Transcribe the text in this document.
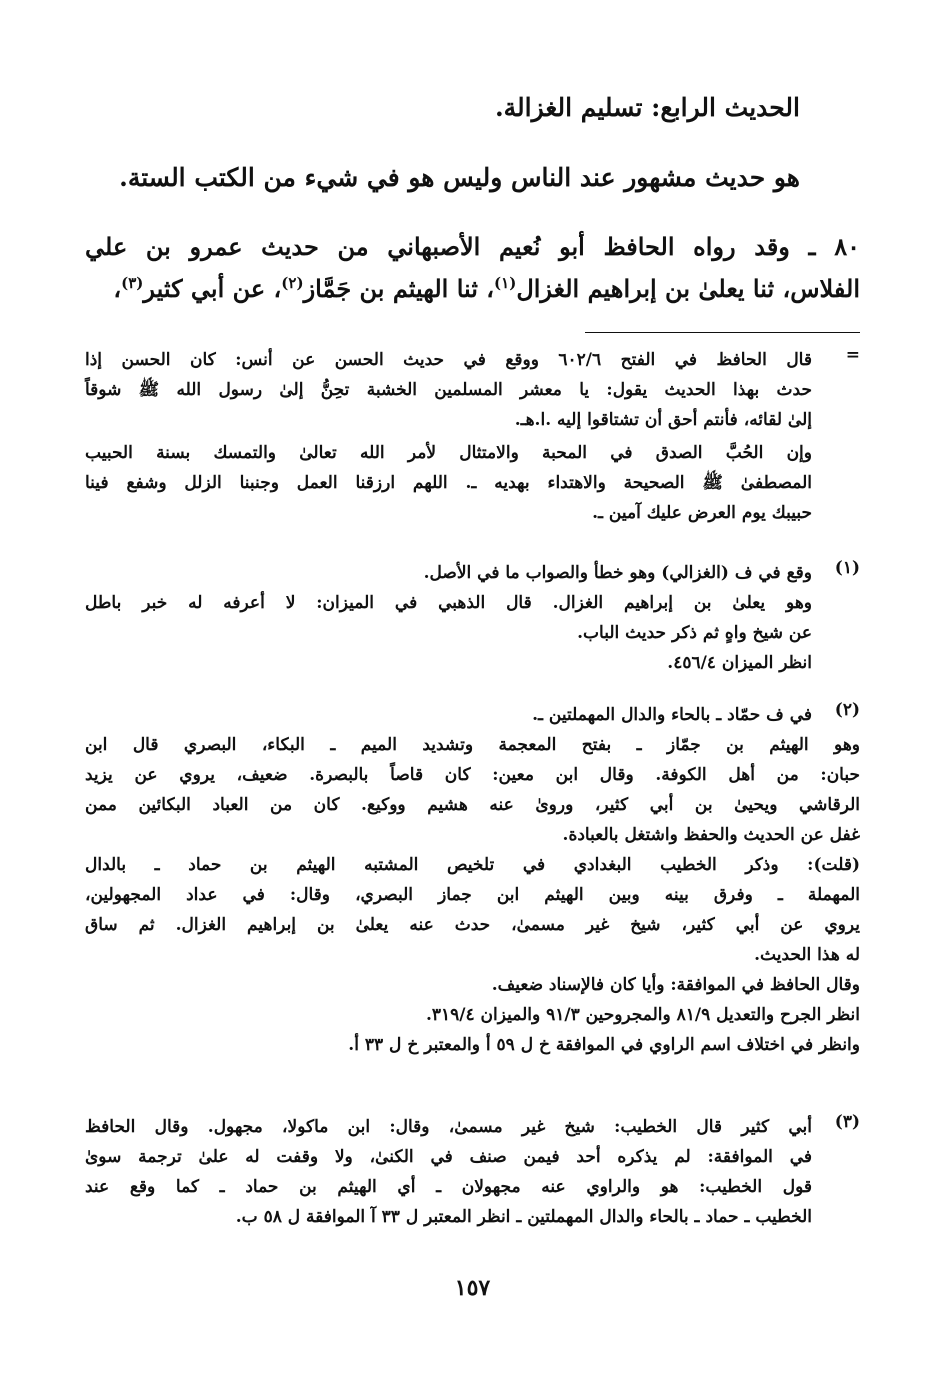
الحديث الرابع: تسليم الغزالة.
هو حديث مشهور عند الناس وليس هو في شيء من الكتب الستة.
٨٠ ـ وقد رواه الحافظ أبو نُعيم الأصبهاني من حديث عمرو بن علي
الفلاس، ثنا يعلىٰ بن إبراهيم الغزال$^{(١)}$، ثنا الهيثم بن جَمَّاز$^{(٢)}$، عن أبي كثير$^{(٣)}$،
=
قال الحافظ في الفتح ٦٠٢/٦ ووقع في حديث الحسن عن أنس: كان الحسن إذا
حدث بهذا الحديث يقول: يا معشر المسلمين الخشبة تحِنُّ إلىٰ رسول الله ﷺ شوقاً
إلىٰ لقائه، فأنتم أحق أن تشتاقوا إليه .ا.هـ.
وإن الحُبَّ الصدق في المحبة والامتثال لأمر الله تعالىٰ والتمسك بسنة الحبيب
المصطفىٰ ﷺ الصحيحة والاهتداء بهديه ـ. اللهم ارزقنا العمل وجنبنا الزلل وشفع فينا
حبيبك يوم العرض عليك آمين ـ.
(١)
وقع في ف (الغزالي) وهو خطأ والصواب ما في الأصل.
وهو يعلىٰ بن إبراهيم الغزال. قال الذهبي في الميزان: لا أعرفه له خبر باطل
عن شيخ واهٍ ثم ذكر حديث الباب.
انظر الميزان ٤٥٦/٤.
(٢)
في ف حمّاد ـ بالحاء والدال المهملتين ـ.
وهو الهيثم بن جمّاز ـ بفتح المعجمة وتشديد الميم ـ البكاء، البصري قال ابن
حبان: من أهل الكوفة. وقال ابن معين: كان قاصاً بالبصرة. ضعيف، يروي عن يزيد
الرقاشي ويحيىٰ بن أبي كثير، وروىٰ عنه هشيم ووكيع. كان من العباد البكائين ممن
غفل عن الحديث والحفظ واشتغل بالعبادة.
(قلت): وذكر الخطيب البغدادي في تلخيص المشتبه الهيثم بن حماد ـ بالدال
المهملة ـ وفرق بينه وبين الهيثم ابن جماز البصري، وقال: في عداد المجهولين،
يروي عن أبي كثير، شيخ غير مسمىٰ، حدث عنه يعلىٰ بن إبراهيم الغزال. ثم ساق
له هذا الحديث.
وقال الحافظ في الموافقة: وأيا كان فالإسناد ضعيف.
انظر الجرح والتعديل ٨١/٩ والمجروحين ٩١/٣ والميزان ٣١٩/٤.
وانظر في اختلاف اسم الراوي في الموافقة خ ل ٥٩ أ والمعتبر خ ل ٣٣ أ.
(٣)
أبي كثير قال الخطيب: شيخ غير مسمىٰ، وقال: ابن ماكولا، مجهول. وقال الحافظ
في الموافقة: لم يذكره أحد فيمن صنف في الكنىٰ، ولا وقفت له علىٰ ترجمة سوىٰ
قول الخطيب: هو والراوي عنه مجهولان ـ أي الهيثم بن حماد ـ كما وقع عند
الخطيب ـ حماد ـ بالحاء والدال المهملتين ـ انظر المعتبر ل ٣٣ آ الموافقة ل ٥٨ ب.
١٥٧
